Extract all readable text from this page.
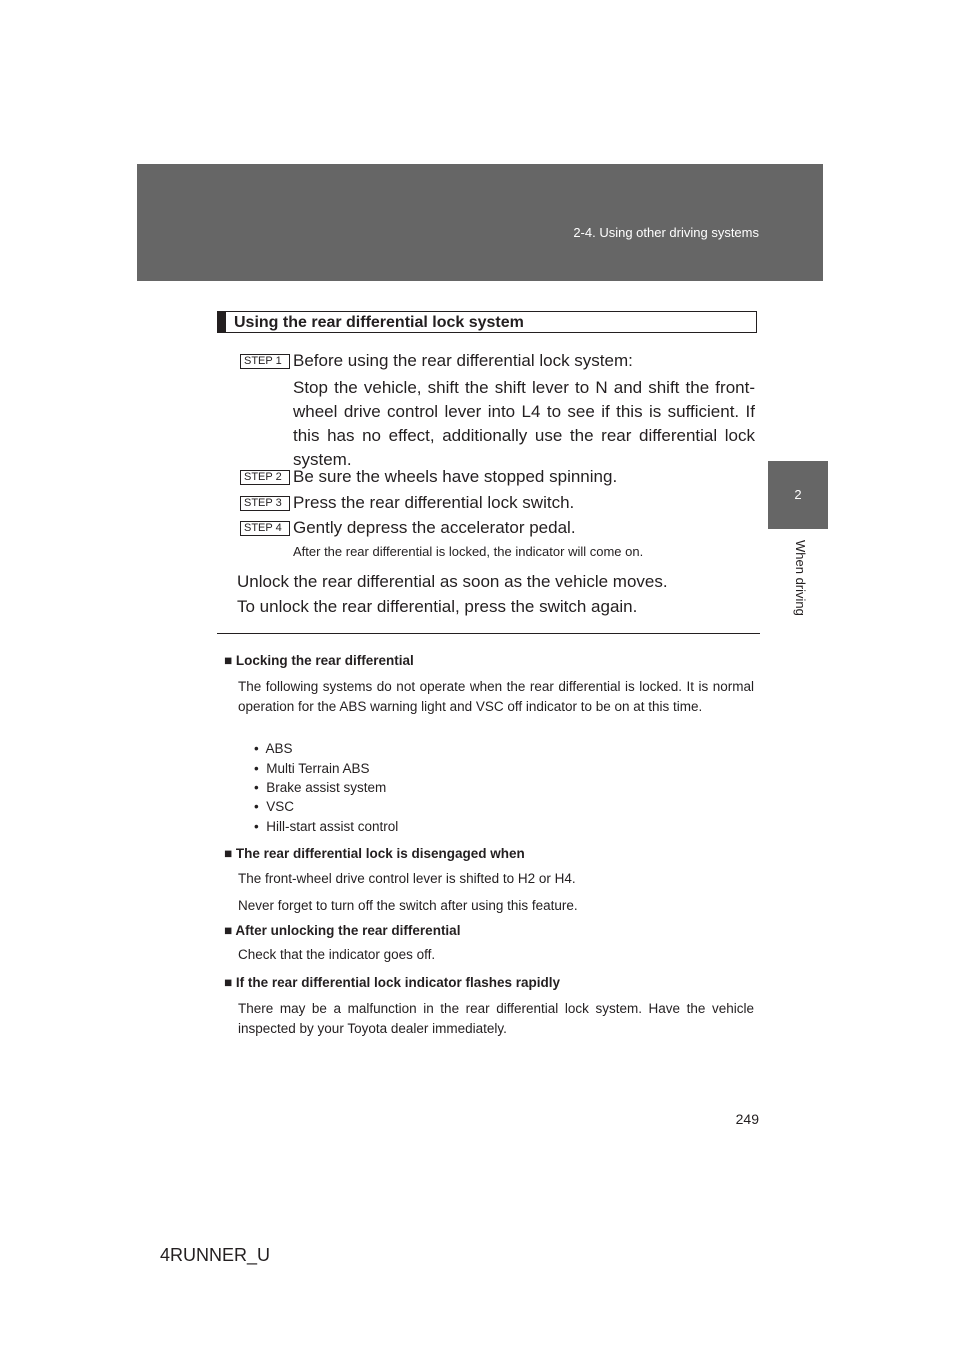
2-4. Using other driving systems
2
When driving
Using the rear differential lock system
STEP 1 Before using the rear differential lock system:
Stop the vehicle, shift the shift lever to N and shift the front-wheel drive control lever into L4 to see if this is sufficient. If this has no effect, additionally use the rear differential lock system.
STEP 2 Be sure the wheels have stopped spinning.
STEP 3 Press the rear differential lock switch.
STEP 4 Gently depress the accelerator pedal.
After the rear differential is locked, the indicator will come on.
Unlock the rear differential as soon as the vehicle moves.
To unlock the rear differential, press the switch again.
■ Locking the rear differential
The following systems do not operate when the rear differential is locked. It is normal operation for the ABS warning light and VSC off indicator to be on at this time.
•  ABS
•  Multi Terrain ABS
•  Brake assist system
•  VSC
•  Hill-start assist control
■ The rear differential lock is disengaged when
The front-wheel drive control lever is shifted to H2 or H4.
Never forget to turn off the switch after using this feature.
■ After unlocking the rear differential
Check that the indicator goes off.
■ If the rear differential lock indicator flashes rapidly
There may be a malfunction in the rear differential lock system. Have the vehicle inspected by your Toyota dealer immediately.
249
4RUNNER_U
